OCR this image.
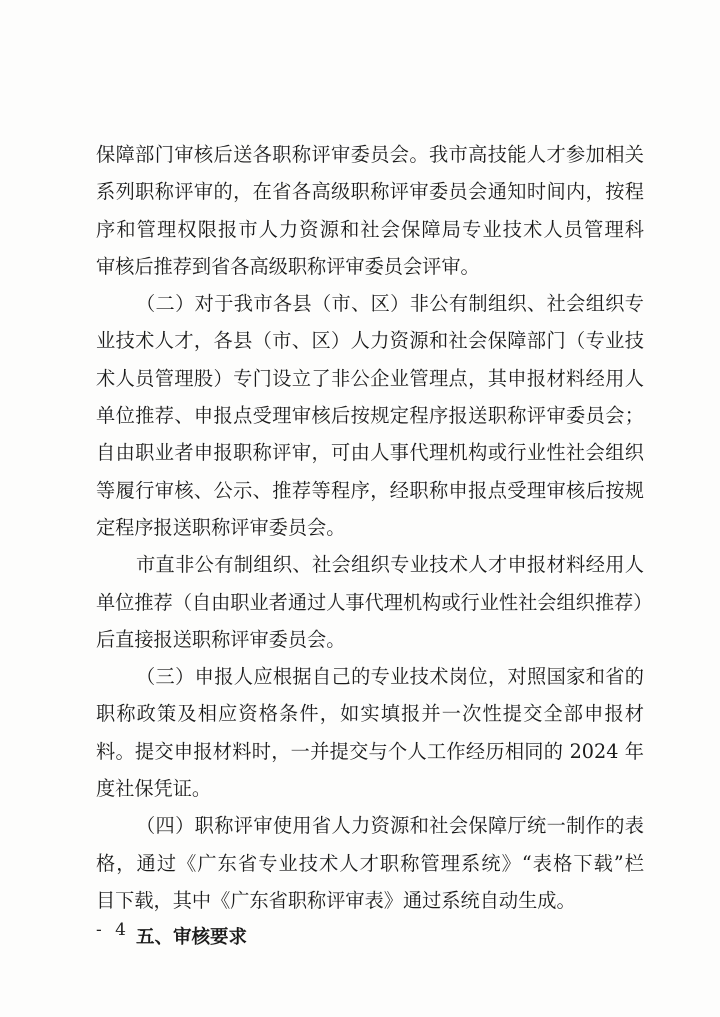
保障部门审核后送各职称评审委员会。我市高技能人才参加相关
系列职称评审的，在省各高级职称评审委员会通知时间内，按程
序和管理权限报市人力资源和社会保障局专业技术人员管理科
审核后推荐到省各高级职称评审委员会评审。
（二）对于我市各县（市、区）非公有制组织、社会组织专
业技术人才，各县（市、区）人力资源和社会保障部门（专业技
术人员管理股）专门设立了非公企业管理点，其申报材料经用人
单位推荐、申报点受理审核后按规定程序报送职称评审委员会；
自由职业者申报职称评审，可由人事代理机构或行业性社会组织
等履行审核、公示、推荐等程序，经职称申报点受理审核后按规
定程序报送职称评审委员会。
市直非公有制组织、社会组织专业技术人才申报材料经用人
单位推荐（自由职业者通过人事代理机构或行业性社会组织推荐）
后直接报送职称评审委员会。
（三）申报人应根据自己的专业技术岗位，对照国家和省的
职称政策及相应资格条件，如实填报并一次性提交全部申报材
料。提交申报材料时，一并提交与个人工作经历相同的 2024 年
度社保凭证。
（四）职称评审使用省人力资源和社会保障厅统一制作的表
格，通过《广东省专业技术人才职称管理系统》“表格下载”栏
目下载，其中《广东省职称评审表》通过系统自动生成。
五、审核要求
- 4 -
